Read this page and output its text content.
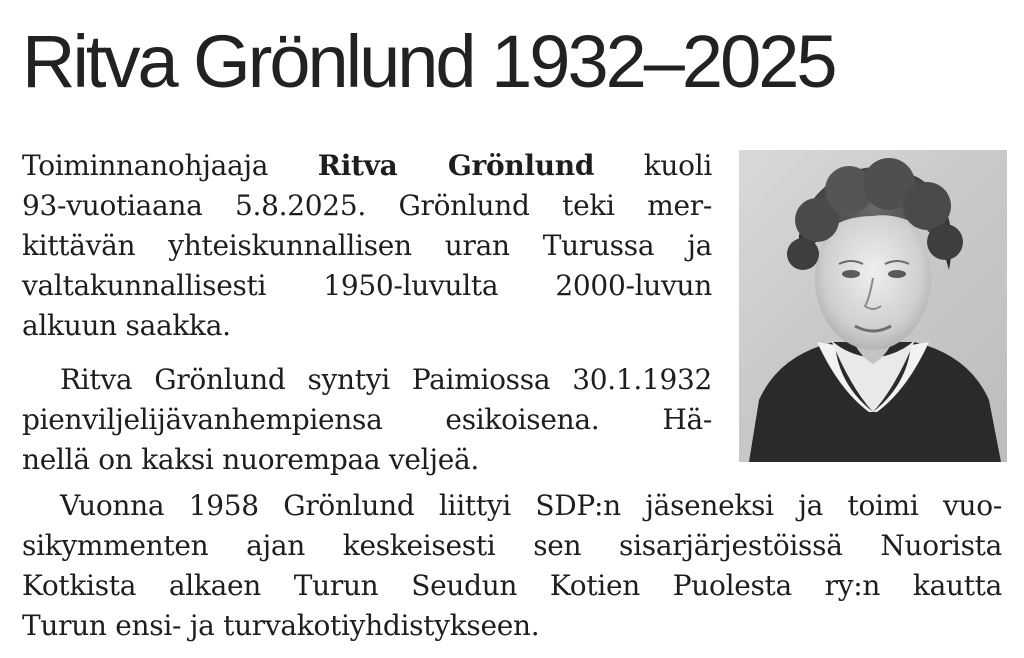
Ritva Grönlund 1932–2025
Toiminnanohjaaja Ritva Grönlund kuoli
93-vuotiaana 5.8.2025. Grönlund teki mer-
kittävän yhteiskunnallisen uran Turussa ja
valtakunnallisesti 1950-luvulta 2000-luvun
alkuun saakka.
Ritva Grönlund syntyi Paimiossa 30.1.1932
pienviljelijävanhempiensa esikoisena. Hä-
nellä on kaksi nuorempaa veljeä.
Vuonna 1958 Grönlund liittyi SDP:n jäseneksi ja toimi vuo-
sikymmenten ajan keskeisesti sen sisarjärjestöissä Nuorista
Kotkista alkaen Turun Seudun Kotien Puolesta ry:n kautta
Turun ensi- ja turvakotiyhdistykseen.
